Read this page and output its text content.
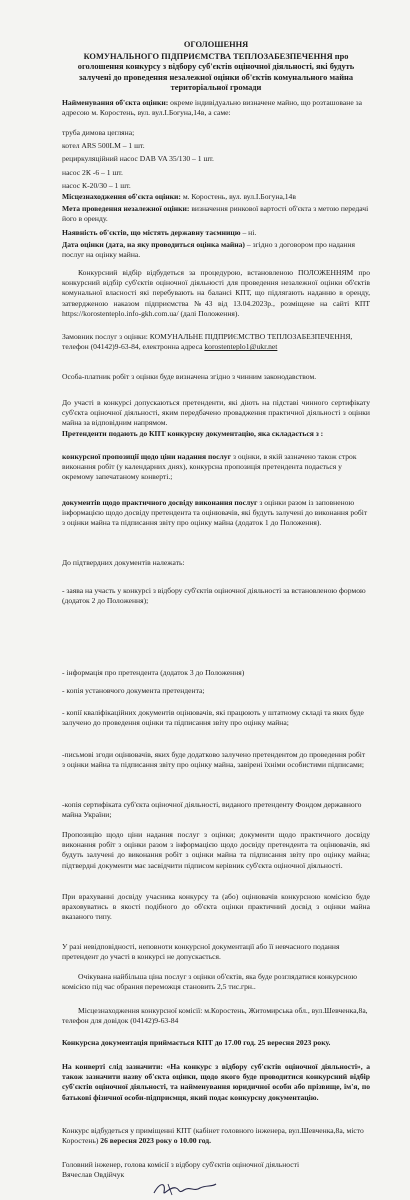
ОГОЛОШЕННЯ
КОМУНАЛЬНОГО ПІДПРИЄМСТВА ТЕПЛОЗАБЕЗПЕЧЕННЯ про оголошення конкурсу з відбору суб'єктів оціночної діяльності, які будуть залучені до проведення незалежної оцінки об'єктів комунального майна територіальної громади
Найменування об'єкта оцінки: окреме індивідуально визначене майно, що розташоване за адресою м. Коростень, вул. вул.І.Богуна,14в, а саме:
труба димова цегляна;
котел ARS 500LM – 1 шт.
рециркуляційний насос DAB VA 35/130 – 1 шт.
насос 2К -6 – 1 шт.
насос К-20/30 – 1 шт.
Місцезнаходження об'єкта оцінки: м. Коростень, вул. вул.І.Богуна,14в
Мета проведення незалежної оцінки: визначення ринкової вартості об'єкта з метою передачі його в оренду.
Наявність об'єктів, що містять державну таємницю – ні.
Дата оцінки (дата, на яку проводиться оцінка майна) – згідно з договором про надання послуг на оцінку майна.
Конкурсний відбір відбудеться за процедурою, встановленою ПОЛОЖЕННЯМ про конкурсний відбір суб'єктів оціночної діяльності для проведення незалежної оцінки об'єктів комунальної власності які перебувають на балансі КПТ, що підлягають наданню в оренду, затвердженою наказом підприємства №43 від 13.04.2023р., розміщене на сайті КПТ https://korostenteplo.info-gkh.com.ua/ (далі Положення).
Замовник послуг з оцінки: КОМУНАЛЬНЕ ПІДПРИЄМСТВО ТЕПЛОЗАБЕЗПЕЧЕННЯ, телефон (04142)9-63-84, електронна адреса korostenteplo1@ukr.net
Особа-платник робіт з оцінки буде визначена згідно з чинним законодавством.
До участі в конкурсі допускаються претенденти, які діють на підставі чинного сертифікату суб'єкта оціночної діяльності, яким передбачено провадження практичної діяльності з оцінки майна за відповідним напрямом.
Претенденти подають до КПТ конкурсну документацію, яка складається з :
конкурсної пропозиції щодо ціни надання послуг з оцінки, в якій зазначено також строк виконання робіт (у календарних днях), конкурсна пропозиція претендента подається у окремому запечатаному конверті.;
документів щодо практичного досвіду виконання послуг з оцінки разом із заповненою інформацією щодо досвіду претендента та оцінювачів, які будуть залучені до виконання робіт з оцінки майна та підписання звіту про оцінку майна (додаток 1 до Положення).
До підтвердних документів належать:
- заява на участь у конкурсі з відбору суб'єктів оціночної діяльності за встановленою формою (додаток 2 до Положення);
- інформація про претендента (додаток 3 до Положення)
- копія установчого документа претендента;
- копії кваліфікаційних документів оцінювачів, які працюють у штатному складі та яких буде залучено до проведення оцінки та підписання звіту про оцінку майна;
-письмові згоди оцінювачів, яких буде додатково залучено претендентом до проведення робіт з оцінки майна та підписання звіту про оцінку майна, завірені їхніми особистими підписами;
-копія сертифіката суб'єкта оціночної діяльності, виданого претенденту Фондом державного майна України;
Пропозицію щодо ціни надання послуг з оцінки; документи щодо практичного досвіду виконання робіт з оцінки разом з інформацією щодо досвіду претендента та оцінювачів, які будуть залучені до виконання робіт з оцінки майна та підписання звіту про оцінку майна; підтвердні документи має засвідчити підписом керівник суб'єкта оціночної діяльності.
При врахуванні досвіду учасника конкурсу та (або) оцінювачів конкурсною комісією буде враховуватись в якості подібного до об'єкта оцінки практичний досвід з оцінки майна вказаного типу.
У разі невідповідності, неповноти конкурсної документації або її невчасного подання претендент до участі в конкурсі не допускається.
Очікувана найбільша ціна послуг з оцінки об'єктів, яка буде розглядатися конкурсною комісією під час обрання переможця становить 2,5 тис.грн..
Місцезнаходження конкурсної комісії: м.Коростень, Житомирська обл., вул.Шевченка,8а, телефон для довідок (04142)9-63-84
Конкурсна документація приймається КПТ до 17.00 год. 25 вересня 2023 року.
На конверті слід зазначити: «На конкурс з відбору суб'єктів оціночної діяльності», а також зазначити назву об'єкта оцінки, щодо якого буде проводитися конкурсний відбір суб'єктів оціночної діяльності, та найменування юридичної особи або прізвище, ім'я, по батькові фізичної особи-підприємця, який подає конкурсну документацію.
Конкурс відбудеться у приміщенні КПТ (кабінет головного інженера, вул.Шевченка,8а, місто Коростень) 26 вересня 2023 року о 10.00 год.
Головний інженер, голова комісії з відбору суб'єктів оціночної діяльності
Вячеслав Овдійчук
